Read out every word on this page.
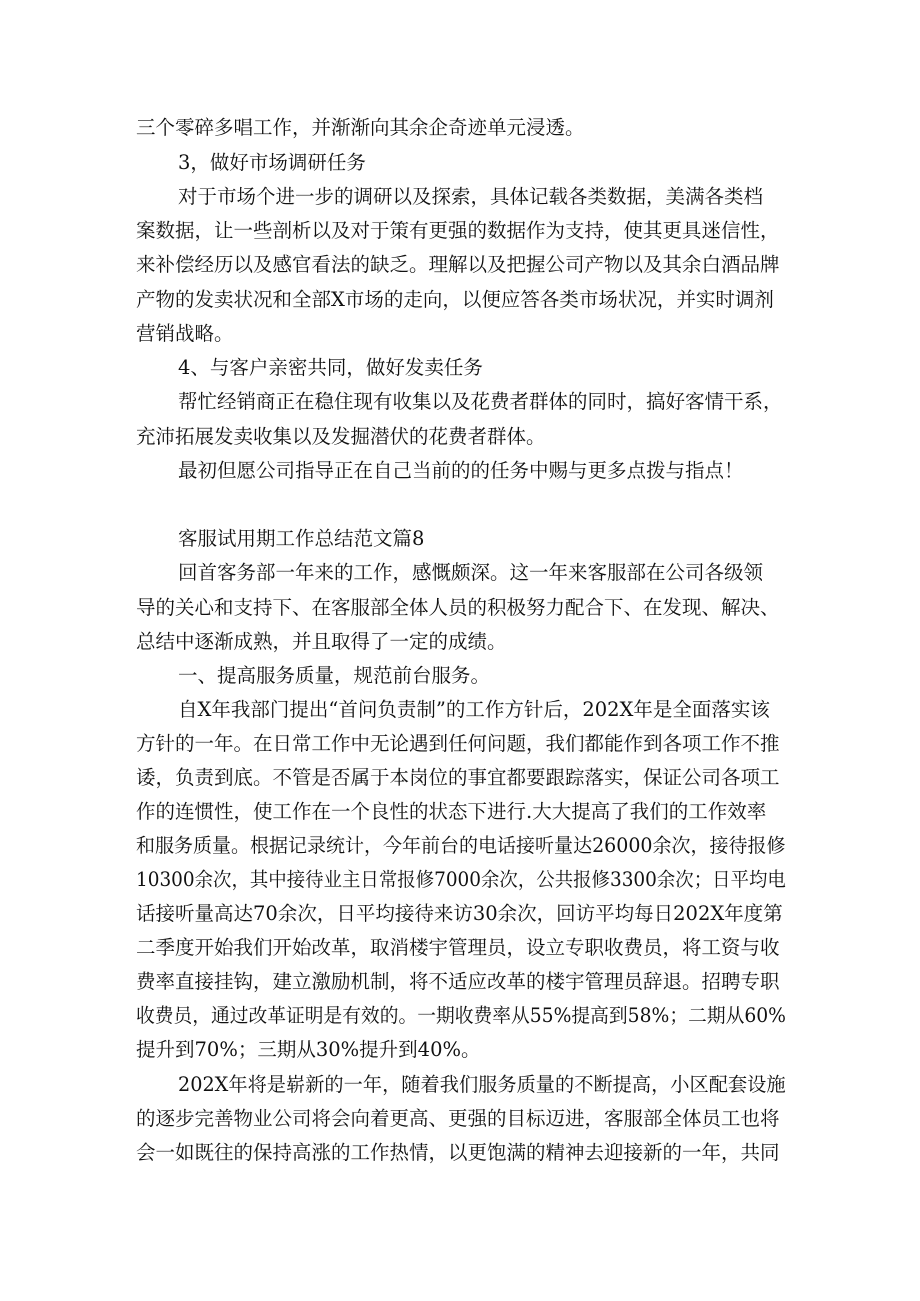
三个零碎多唱工作，并渐渐向其余企奇迹单元浸透。

3，做好市场调研任务

对于市场个进一步的调研以及探索，具体记载各类数据，美满各类档

案数据，让一些剖析以及对于策有更强的数据作为支持，使其更具迷信性，

来补偿经历以及感官看法的缺乏。理解以及把握公司产物以及其余白酒品牌

产物的发卖状况和全部X市场的走向，以便应答各类市场状况，并实时调剂

营销战略。

4、与客户亲密共同，做好发卖任务

帮忙经销商正在稳住现有收集以及花费者群体的同时，搞好客情干系，

充沛拓展发卖收集以及发掘潜伏的花费者群体。

最初但愿公司指导正在自己当前的的任务中赐与更多点拨与指点！

客服试用期工作总结范文篇8

回首客务部一年来的工作，感慨颇深。这一年来客服部在公司各级领

导的关心和支持下、在客服部全体人员的积极努力配合下、在发现、解决、

总结中逐渐成熟，并且取得了一定的成绩。

一、提高服务质量，规范前台服务。

自X年我部门提出“首问负责制”的工作方针后，202X年是全面落实该

方针的一年。在日常工作中无论遇到任何问题，我们都能作到各项工作不推

诿，负责到底。不管是否属于本岗位的事宜都要跟踪落实，保证公司各项工

作的连惯性，使工作在一个良性的状态下进行.大大提高了我们的工作效率

和服务质量。根据记录统计，今年前台的电话接听量达26000余次，接待报修

10300余次，其中接待业主日常报修7000余次，公共报修3300余次；日平均电

话接听量高达70余次，日平均接待来访30余次，回访平均每日202X年度第

二季度开始我们开始改革，取消楼宇管理员，设立专职收费员，将工资与收

费率直接挂钩，建立激励机制，将不适应改革的楼宇管理员辞退。招聘专职

收费员，通过改革证明是有效的。一期收费率从55%提高到58%；二期从60%

提升到70%；三期从30%提升到40%。

202X年将是崭新的一年，随着我们服务质量的不断提高，小区配套设施

的逐步完善物业公司将会向着更高、更强的目标迈进，客服部全体员工也将

会一如既往的保持高涨的工作热情，以更饱满的精神去迎接新的一年，共同
